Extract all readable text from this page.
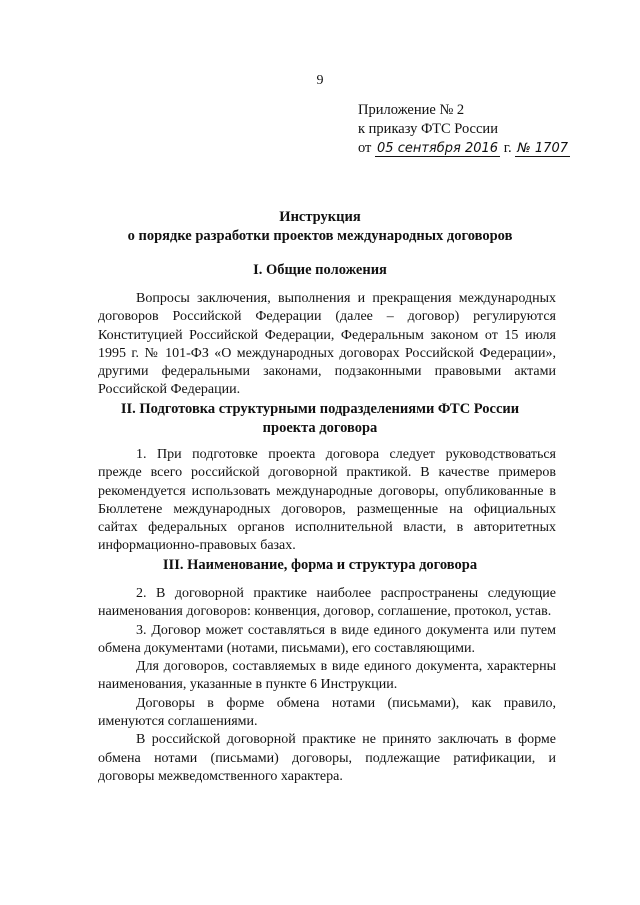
9
Приложение № 2
к приказу ФТС России
от 05 сентября 2016 г. № 1707
Инструкция
о порядке разработки проектов международных договоров
I. Общие положения

Вопросы заключения, выполнения и прекращения международных договоров Российской Федерации (далее – договор) регулируются Конституцией Российской Федерации, Федеральным законом от 15 июля 1995 г. № 101-ФЗ «О международных договорах Российской Федерации», другими федеральными законами, подзаконными правовыми актами Российской Федерации.

II. Подготовка структурными подразделениями ФТС России
проекта договора

1. При подготовке проекта договора следует руководствоваться прежде всего российской договорной практикой. В качестве примеров рекомендуется использовать международные договоры, опубликованные в Бюллетене международных договоров, размещенные на официальных сайтах федеральных органов исполнительной власти, в авторитетных информационно-правовых базах.

III. Наименование, форма и структура договора

2. В договорной практике наиболее распространены следующие наименования договоров: конвенция, договор, соглашение, протокол, устав.

3. Договор может составляться в виде единого документа или путем обмена документами (нотами, письмами), его составляющими.

Для договоров, составляемых в виде единого документа, характерны наименования, указанные в пункте 6 Инструкции.

Договоры в форме обмена нотами (письмами), как правило, именуются соглашениями.

В российской договорной практике не принято заключать в форме обмена нотами (письмами) договоры, подлежащие ратификации, и договоры межведомственного характера.
